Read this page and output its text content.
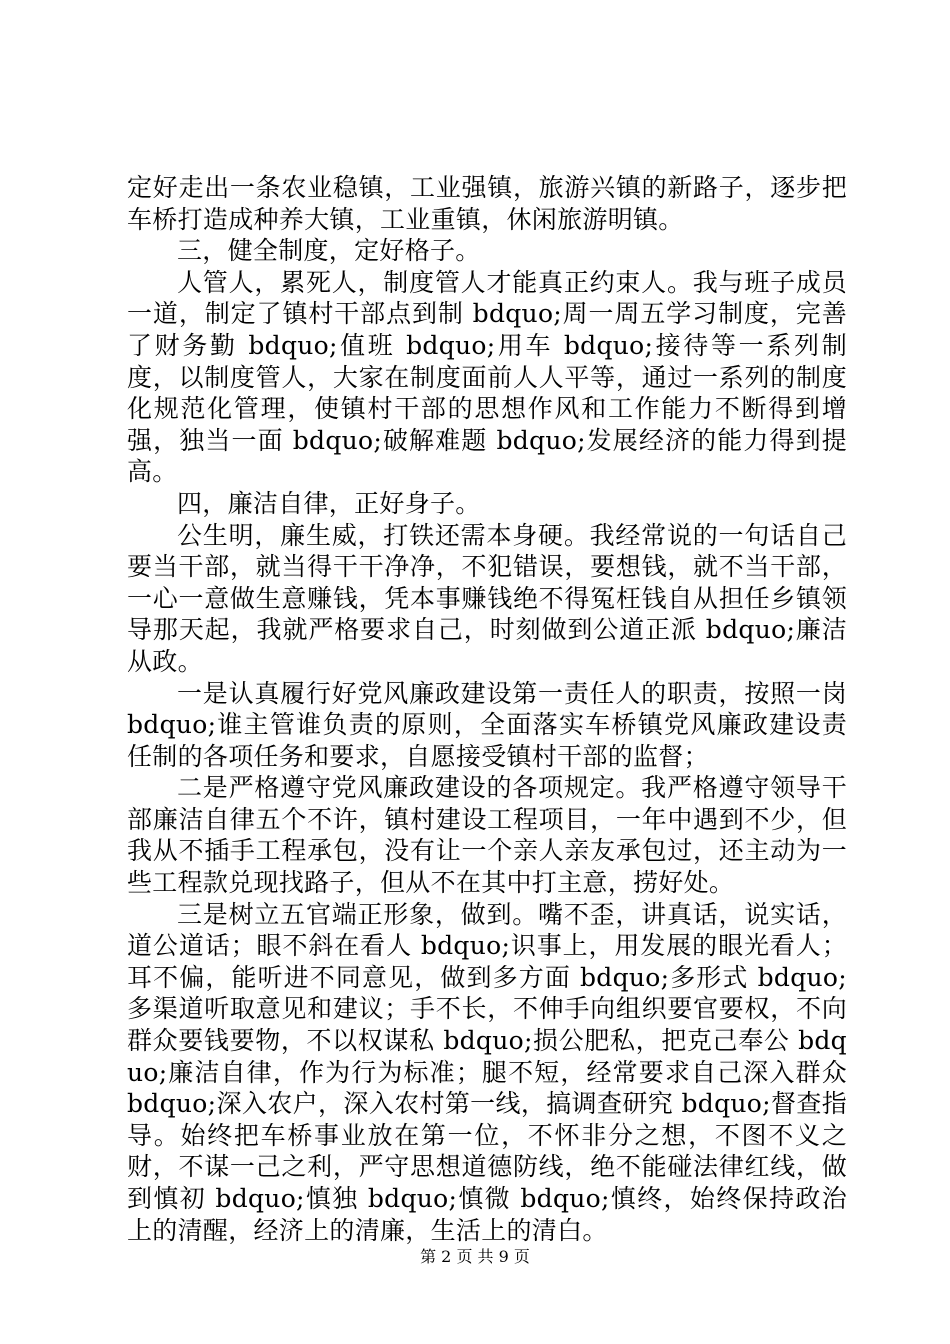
定好走出一条农业稳镇，工业强镇，旅游兴镇的新路子，逐步把车桥打造成种养大镇，工业重镇，休闲旅游明镇。

三，健全制度，定好格子。

人管人，累死人，制度管人才能真正约束人。我与班子成员一道，制定了镇村干部点到制 bdquo;周一周五学习制度，完善了财务勤 bdquo;值班 bdquo;用车 bdquo;接待等一系列制度，以制度管人，大家在制度面前人人平等，通过一系列的制度化规范化管理，使镇村干部的思想作风和工作能力不断得到增强，独当一面 bdquo;破解难题 bdquo;发展经济的能力得到提高。

四，廉洁自律，正好身子。

公生明，廉生威，打铁还需本身硬。我经常说的一句话自己要当干部，就当得干干净净，不犯错误，要想钱，就不当干部，一心一意做生意赚钱，凭本事赚钱绝不得冤枉钱自从担任乡镇领导那天起，我就严格要求自己，时刻做到公道正派 bdquo;廉洁从政。

一是认真履行好党风廉政建设第一责任人的职责，按照一岗 bdquo;谁主管谁负责的原则，全面落实车桥镇党风廉政建设责任制的各项任务和要求，自愿接受镇村干部的监督；

二是严格遵守党风廉政建设的各项规定。我严格遵守领导干部廉洁自律五个不许，镇村建设工程项目，一年中遇到不少，但我从不插手工程承包，没有让一个亲人亲友承包过，还主动为一些工程款兑现找路子，但从不在其中打主意，捞好处。

三是树立五官端正形象，做到。嘴不歪，讲真话，说实话，道公道话；眼不斜在看人 bdquo;识事上，用发展的眼光看人；耳不偏，能听进不同意见，做到多方面 bdquo;多形式 bdquo;多渠道听取意见和建议；手不长，不伸手向组织要官要权，不向群众要钱要物，不以权谋私 bdquo;损公肥私，把克己奉公 bdquo;廉洁自律，作为行为标准；腿不短，经常要求自己深入群众 bdquo;深入农户，深入农村第一线，搞调查研究 bdquo;督查指导。始终把车桥事业放在第一位，不怀非分之想，不图不义之财，不谋一己之利，严守思想道德防线，绝不能碰法律红线，做到慎初 bdquo;慎独 bdquo;慎微 bdquo;慎终，始终保持政治上的清醒，经济上的清廉，生活上的清白。

第 2 页 共 9 页
